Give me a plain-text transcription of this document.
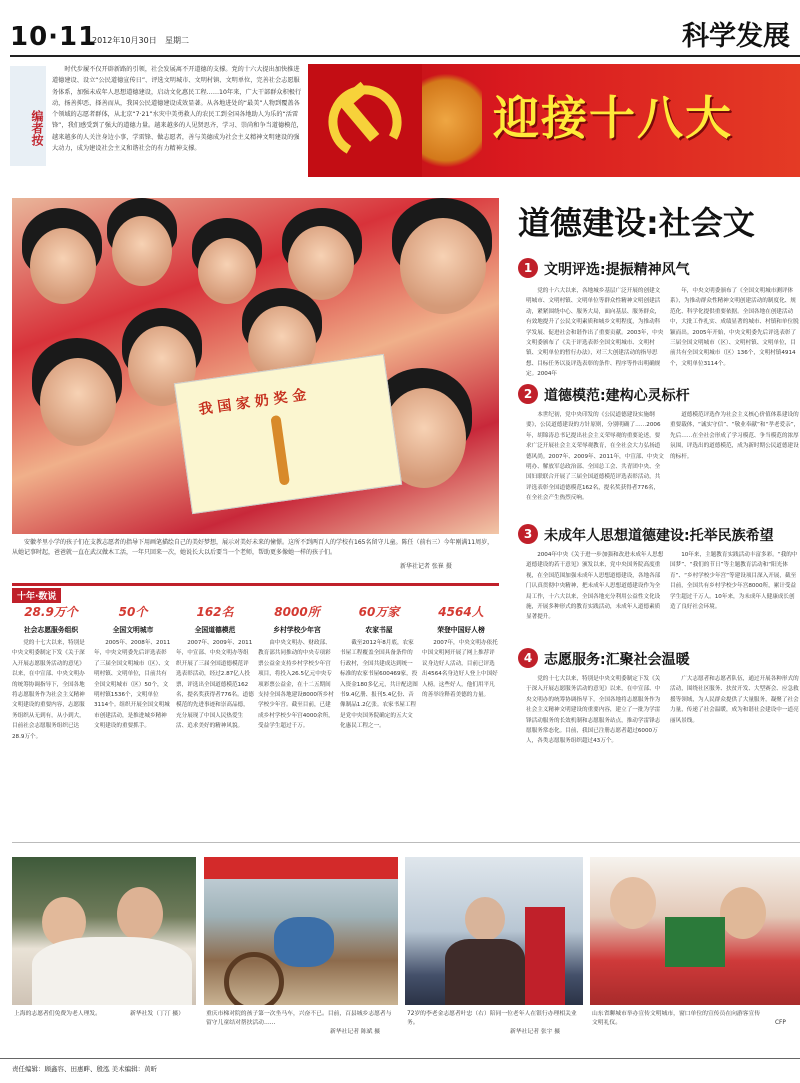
10·11
2012年10月30日 星期二	科学发展
编者按
时代步履不仅开辟新路的引领，社会发展离不开道德的支撑。党的十六大提出加快推进道德建设、设立“公民道德宣传日”、评选文明城市、文明村镇、文明单位，完善社会志愿服务体系，加强未成年人思想道德建设，启动文化惠民工程……10年来，广大干部群众积极行动，扬善抑恶，择善而从，我国公民道德建设成效显著。从各地进处的“最美”人物到覆盖各个领域的志愿者群体，从北京“7·21”水灾中美勇救人的农民工到全国各地助人为乐的“活雷锋”，我们感受到了强大的道德力量。越来越多的人见贤思齐，学习、崇尚和争当道德模范，越来越多的人关注身边小事，学雷锋、做志愿者，善与美德成为社会主义精神文明建设的强大动力，成为建设社会主义和谐社会的有力精神支撑。
迎接十八大
我 国 家 奶 奖 金
安徽孝里小学的孩子们在支教志愿者的指导下用画笔描绘自己的美好梦想，展示对美好未来的憧憬。这所不到两百人的学校有165名留守儿童。陈任（前右三）今年刚满11周岁，从她记事时起，爸爸就一直在武汉做木工活，一年只回来一次，她说长大以后要当一个老师，帮助更多像她一样的孩子们。
新华社记者 张崔 摄
道德建设:社会文
1 文明评选:提振精神风气
党的十六大以来，各地城乡基层广泛开展的创建文明城市、文明村镇、文明单位等群众性精神文明创建活动，紧紧围绕中心、服务大局，面向基层、服务群众，有效地提升了公民文明素质和城乡文明程度，为推动科学发展、促进社会和谐作出了重要贡献。2003年，中央文明委颁布了《关于评选表彰全国文明城市、文明村镇、文明单位的暂行办法》，对三大创建活动的指导思想、目标任务以及评选表彰的条件、程序等作出明确规定。2004年
年，中央文明委颁布了《全国文明城市测评体系》，为推动群众性精神文明创建活动的制度化、规范化、科学化提供重要依据。全国各地在创建活动中，大批工作扎实、成绩显著的城市、村镇和单位脱颖而出。2005年开始，中央文明委先后评选表彰了三届全国文明城市（区）、文明村镇、文明单位，目前共有全国文明城市（区）136个，文明村镇4914个，文明单位3114个。
2 道德模范:建构心灵标杆
本世纪初，党中央印发的《公民道德建设实施纲要》，公民道德建设的方针原则，分别明确了……2006年，胡锦涛总书记提出社会主义荣辱观的重要论述，要求广泛开展社会主义荣辱观教育，在全社会大力弘扬道德风尚。2007年、2009年、2011年，中宣部、中央文明办、解放军总政治部、全国总工会、共青团中央、全国妇联联合开展了三届全国道德模范评选表彰活动，共评选表彰全国道德模范162名，提名奖获得者776名，在全社会产生热烈反响。
道德模范评选作为社会主义核心价值体系建设的重要载体，“诚实守信”、“敬业奉献”和“孝老爱亲”，先后……在全社会形成了学习模范、争当模范的浓厚氛围，评选出的道德模范，成为新时期公民道德建设的标杆。
3 未成年人思想道德建设:托举民族希望
2004年中央《关于进一步加强和改进未成年人思想道德建设的若干意见》颁发以来，党中央国务院高度重视，在全国范围加强未成年人思想道德建设，各地各部门认真贯彻中央精神，把未成年人思想道德建设作为全局工作，十六大以来，全国各地充分利用公益性文化设施，开展多种形式的教育实践活动，未成年人道德素质显著提升。
10年来，主题教育实践活动丰富多彩。“我的中国梦”、“我们的节日”等主题教育活动和“阳光体育”、“乡村学校少年宫”等建设项目深入开展，截至目前，全国共有乡村学校少年宫8000所，累计受益学生超过千万人。10年来，为未成年人健康成长创造了良好社会环境。
4 志愿服务:汇聚社会温暖
党的十七大以来，特别是中央文明委制定下发《关于深入开展志愿服务活动的意见》以来，在中宣部、中央文明办的统筹协调指导下，全国各地将志愿服务作为社会主义精神文明建设的重要内容，建立了一批为学雷锋活动服务的长效机制和志愿服务站点，推动学雷锋志愿服务常态化。目前，我国已注册志愿者超过6000万人，各类志愿服务组织超过43万个。
广大志愿者和志愿者队伍，通过开展各种形式的活动，围绕社区服务、扶贫开发、大型赛会、应急救援等领域，为人民群众提供了大量服务，凝聚了社会力量，传递了社会温暖，成为和谐社会建设中一道亮丽风景线。
十年·数说
28.9万个
社会志愿服务组织
党的十七大以来，特别是中央文明委制定下发《关于深入开展志愿服务活动的意见》以来，在中宣部、中央文明办的统筹协调指导下，全国各地将志愿服务作为社会主义精神文明建设的重要内容，志愿服务组织从无到有，从小到大，目前社会志愿服务组织已达28.9万个。
50个
全国文明城市
2005年、2008年、2011年，中央文明委先后评选表彰了三届全国文明城市（区）、文明村镇、文明单位，目前共有全国文明城市（区）50个，文明村镇1536个，文明单位3114个。组织开展全国文明城市创建活动，是推进城乡精神文明建设的重要抓手。
162名
全国道德模范
2007年、2009年、2011年，中宣部、中央文明办等组织开展了三届全国道德模范评选表彰活动，经过2.87亿人投票，评选出全国道德模范162名，提名奖获得者776名。道德模范的先进事迹和崇高品德，充分展现了中国人民热爱生活、追求美好的精神风貌。
8000所
乡村学校少年宫
由中央文明办、财政部、教育部共同推动的中央专项彩票公益金支持乡村学校少年宫项目，将投入26.5亿元中央专项彩票公益金，在十二五期间支持全国各地建设8000所乡村学校少年宫。截至目前，已建成乡村学校少年宫4000余所，受益学生超过千万。
60万家
农家书屋
截至2012年8月底，农家书屋工程覆盖全国具备条件的行政村，全国共建成达到统一标准的农家书屋600469家，投入资金180多亿元，共计配送图书9.4亿册、报刊5.4亿份、音像制品1.2亿张。农家书屋工程是党中央国务院确定的五大文化惠民工程之一。
4564人
荣登中国好人榜
2007年，中央文明办依托中国文明网开展了网上推荐评议身边好人活动，目前已评选出4564名身边好人登上中国好人榜。这些好人，他们用平凡的善举诠释着美德的力量。
上海的志愿者们免费为老人理发。	新华社发（丁汀 摄）	重庆市梯对院的孩子第一次坐马车，兴奋不已。目前，百县城乡志愿者与留守儿童结对帮扶活动……
新华社记者 陈斌 摄
72岁的李老金志愿者叶忠（右）陪同一位老年人在银行办理相关业务。
新华社记者 张宇 摄
山东省聊城市举办宣传文明城市，窗口单位的宣传员在向游客宣传文明礼仪。	CFP
责任编辑：顾鑫容、田惠畔、殷泓 美术编辑：黄昕
